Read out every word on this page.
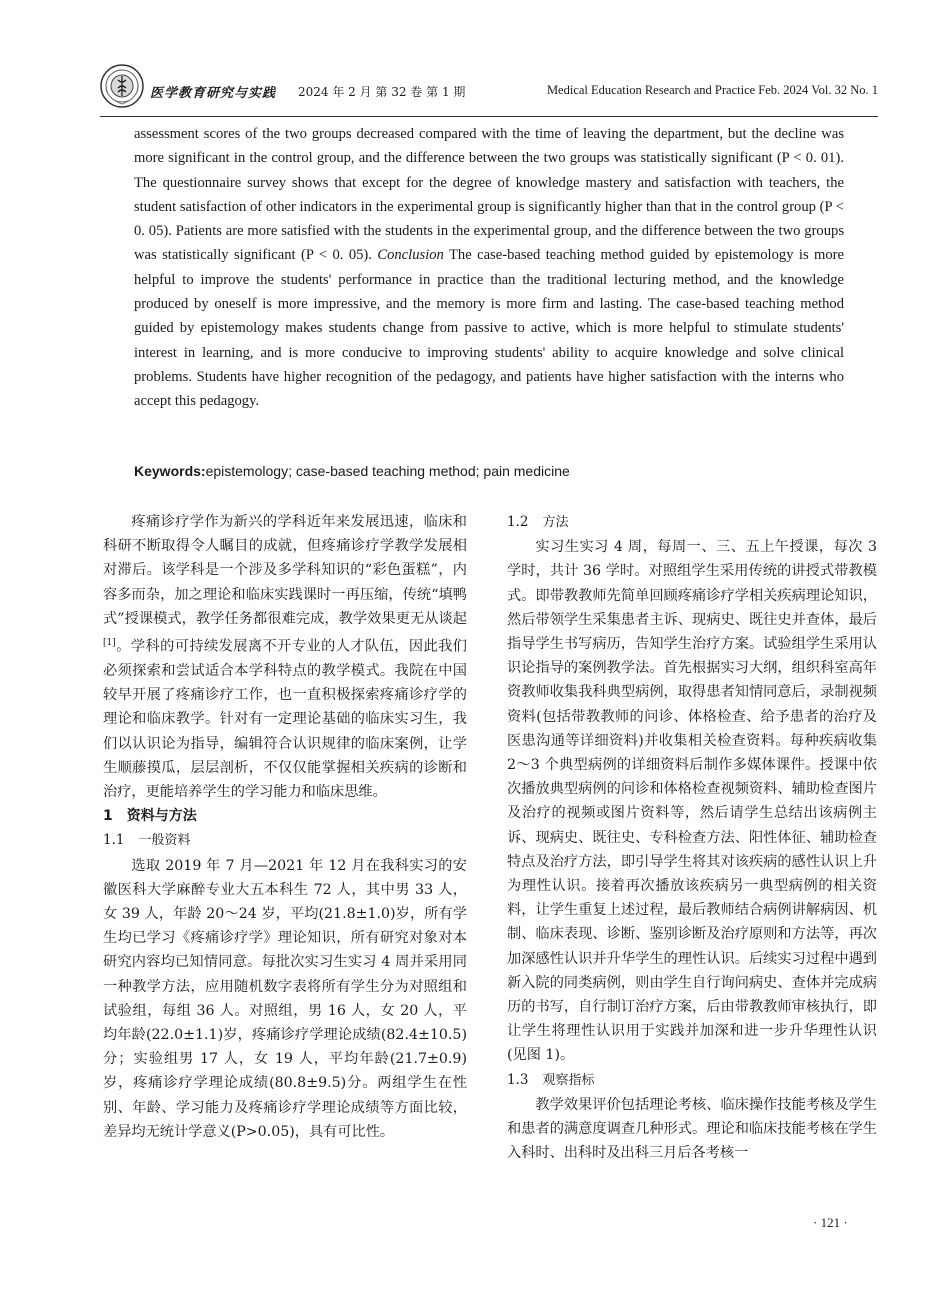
医学教育研究与实践 2024 年 2 月 第 32 卷 第 1 期	Medical Education Research and Practice Feb. 2024 Vol. 32 No. 1

assessment scores of the two groups decreased compared with the time of leaving the department, but the decline was more significant in the control group, and the difference between the two groups was statistically significant (P < 0. 01). The questionnaire survey shows that except for the degree of knowledge mastery and satisfaction with teachers, the student satisfaction of other indicators in the experimental group is significantly higher than that in the control group (P < 0. 05). Patients are more satisfied with the students in the experimental group, and the difference between the two groups was statistically significant (P < 0. 05). Conclusion The case-based teaching method guided by epistemology is more helpful to improve the students' performance in practice than the traditional lecturing method, and the knowledge produced by oneself is more impressive, and the memory is more firm and lasting. The case-based teaching method guided by epistemology makes students change from passive to active, which is more helpful to stimulate students' interest in learning, and is more conducive to improving students' ability to acquire knowledge and solve clinical problems. Students have higher recognition of the pedagogy, and patients have higher satisfaction with the interns who accept this pedagogy.

Keywords:epistemology; case-based teaching method; pain medicine

疼痛诊疗学作为新兴的学科近年来发展迅速，临床和科研不断取得令人瞩目的成就，但疼痛诊疗学教学发展相对滞后。该学科是一个涉及多学科知识的“彩色蛋糕”，内容多而杂，加之理论和临床实践课时一再压缩，传统“填鸭式”授课模式，教学任务都很难完成，教学效果更无从谈起[1]。学科的可持续发展离不开专业的人才队伍，因此我们必须探索和尝试适合本学科特点的教学模式。我院在中国较早开展了疼痛诊疗工作，也一直积极探索疼痛诊疗学的理论和临床教学。针对有一定理论基础的临床实习生，我们以认识论为指导，编辑符合认识规律的临床案例，让学生顺藤摸瓜，层层剖析，不仅仅能掌握相关疾病的诊断和治疗，更能培养学生的学习能力和临床思维。

1 资料与方法
1.1 一般资料

选取 2019 年 7 月—2021 年 12 月在我科实习的安徽医科大学麻醉专业大五本科生 72 人，其中男 33 人，女 39 人，年龄 20～24 岁，平均(21.8±1.0)岁，所有学生均已学习《疼痛诊疗学》理论知识，所有研究对象对本研究内容均已知情同意。每批次实习生实习 4 周并采用同一种教学方法，应用随机数字表将所有学生分为对照组和试验组，每组 36 人。对照组，男 16 人，女 20 人，平均年龄(22.0±1.1)岁，疼痛诊疗学理论成绩(82.4±10.5)分；实验组男 17 人，女 19 人，平均年龄(21.7±0.9)岁，疼痛诊疗学理论成绩(80.8±9.5)分。两组学生在性别、年龄、学习能力及疼痛诊疗学理论成绩等方面比较，差异均无统计学意义(P>0.05)，具有可比性。

1.2 方法

实习生实习 4 周，每周一、三、五上午授课，每次 3 学时，共计 36 学时。对照组学生采用传统的讲授式带教模式。即带教教师先简单回顾疼痛诊疗学相关疾病理论知识，然后带领学生采集患者主诉、现病史、既往史并查体，最后指导学生书写病历，告知学生治疗方案。试验组学生采用认识论指导的案例教学法。首先根据实习大纲，组织科室高年资教师收集我科典型病例，取得患者知情同意后，录制视频资料(包括带教教师的问诊、体格检查、给予患者的治疗及医患沟通等详细资料)并收集相关检查资料。每种疾病收集 2～3 个典型病例的详细资料后制作多媒体课件。授课中依次播放典型病例的问诊和体格检查视频资料、辅助检查图片及治疗的视频或图片资料等，然后请学生总结出该病例主诉、现病史、既往史、专科检查方法、阳性体征、辅助检查特点及治疗方法，即引导学生将其对该疾病的感性认识上升为理性认识。接着再次播放该疾病另一典型病例的相关资料，让学生重复上述过程，最后教师结合病例讲解病因、机制、临床表现、诊断、鉴别诊断及治疗原则和方法等，再次加深感性认识并升华学生的理性认识。后续实习过程中遇到新入院的同类病例，则由学生自行询问病史、查体并完成病历的书写，自行制订治疗方案，后由带教教师审核执行，即让学生将理性认识用于实践并加深和进一步升华理性认识(见图 1)。

1.3 观察指标

教学效果评价包括理论考核、临床操作技能考核及学生和患者的满意度调查几种形式。理论和临床技能考核在学生入科时、出科时及出科三月后各考核一

· 121 ·
